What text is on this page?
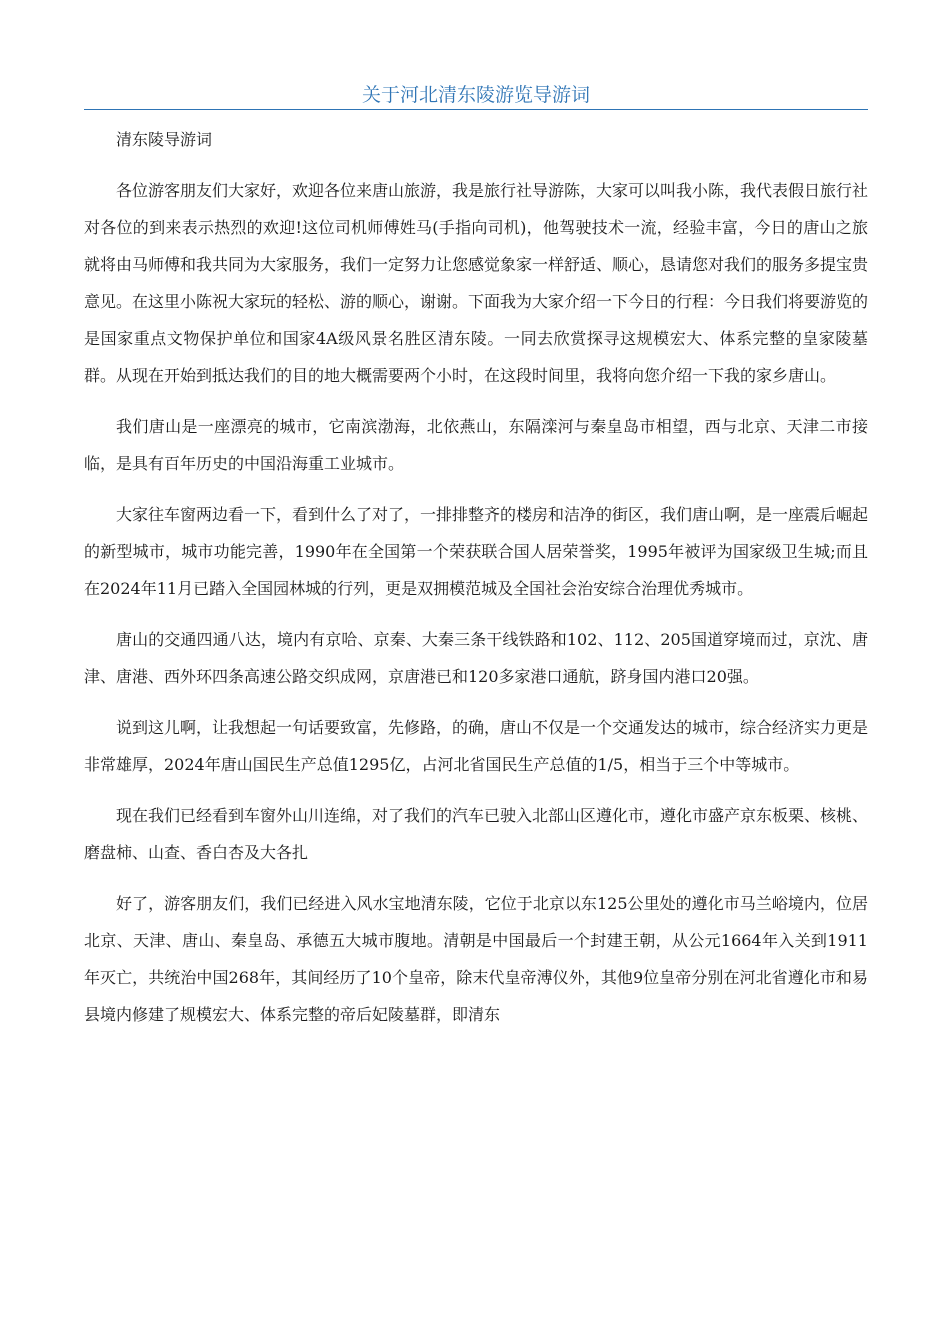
关于河北清东陵游览导游词

清东陵导游词

各位游客朋友们大家好，欢迎各位来唐山旅游，我是旅行社导游陈，大家可以叫我小陈，我代表假日旅行社对各位的到来表示热烈的欢迎!这位司机师傅姓马(手指向司机)，他驾驶技术一流，经验丰富，今日的唐山之旅就将由马师傅和我共同为大家服务，我们一定努力让您感觉象家一样舒适、顺心，恳请您对我们的服务多提宝贵意见。在这里小陈祝大家玩的轻松、游的顺心，谢谢。下面我为大家介绍一下今日的行程：今日我们将要游览的是国家重点文物保护单位和国家4A级风景名胜区清东陵。一同去欣赏探寻这规模宏大、体系完整的皇家陵墓群。从现在开始到抵达我们的目的地大概需要两个小时，在这段时间里，我将向您介绍一下我的家乡唐山。

我们唐山是一座漂亮的城市，它南滨渤海，北依燕山，东隔滦河与秦皇岛市相望，西与北京、天津二市接临，是具有百年历史的中国沿海重工业城市。

大家往车窗两边看一下，看到什么了对了，一排排整齐的楼房和洁净的街区，我们唐山啊，是一座震后崛起的新型城市，城市功能完善，1990年在全国第一个荣获联合国人居荣誉奖，1995年被评为国家级卫生城;而且在2024年11月已踏入全国园林城的行列，更是双拥模范城及全国社会治安综合治理优秀城市。

唐山的交通四通八达，境内有京哈、京秦、大秦三条干线铁路和102、112、205国道穿境而过，京沈、唐津、唐港、西外环四条高速公路交织成网，京唐港已和120多家港口通航，跻身国内港口20强。

说到这儿啊，让我想起一句话要致富，先修路，的确，唐山不仅是一个交通发达的城市，综合经济实力更是非常雄厚，2024年唐山国民生产总值1295亿，占河北省国民生产总值的1/5，相当于三个中等城市。

现在我们已经看到车窗外山川连绵，对了我们的汽车已驶入北部山区遵化市，遵化市盛产京东板栗、核桃、磨盘柿、山查、香白杏及大各扎

好了，游客朋友们，我们已经进入风水宝地清东陵，它位于北京以东125公里处的遵化市马兰峪境内，位居北京、天津、唐山、秦皇岛、承德五大城市腹地。清朝是中国最后一个封建王朝，从公元1664年入关到1911年灭亡，共统治中国268年，其间经历了10个皇帝，除末代皇帝溥仪外，其他9位皇帝分别在河北省遵化市和易县境内修建了规模宏大、体系完整的帝后妃陵墓群，即清东
